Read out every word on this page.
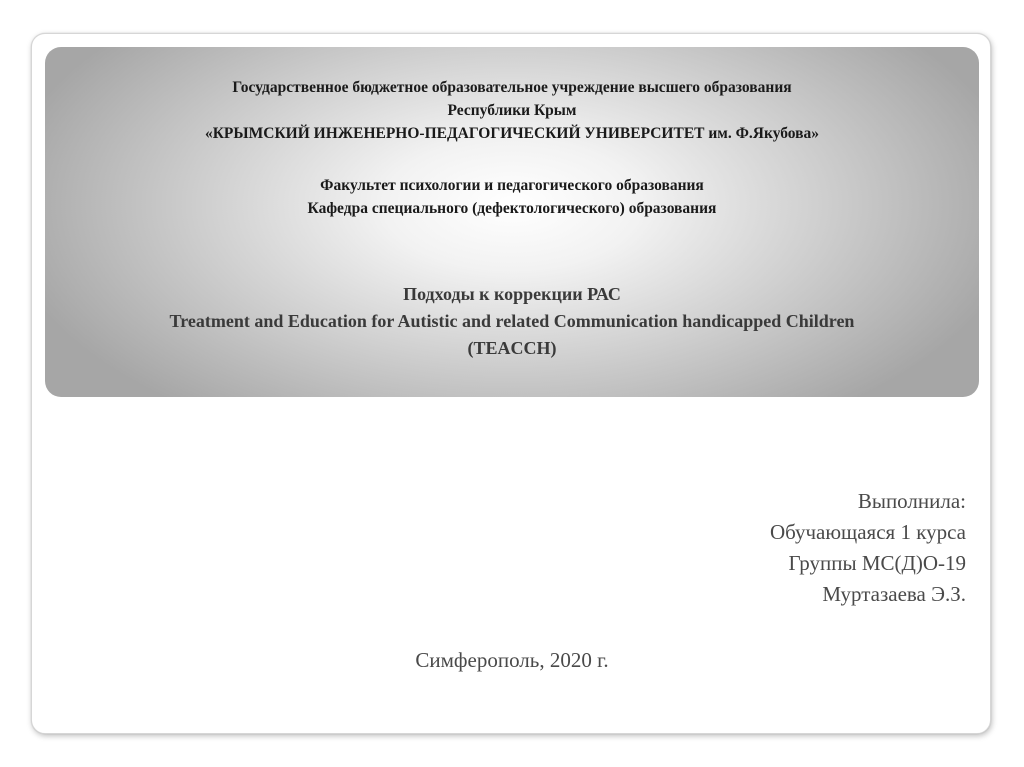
Государственное бюджетное образовательное учреждение высшего образования
Республики Крым
«КРЫМСКИЙ ИНЖЕНЕРНО-ПЕДАГОГИЧЕСКИЙ УНИВЕРСИТЕТ им. Ф.Якубова»
Факультет психологии и педагогического образования
Кафедра специального (дефектологического) образования
Подходы к коррекции РАС
Treatment and Education for Autistic and related Communication handicapped Children
(TEACCH)
Выполнила:
Обучающаяся 1 курса
Группы МС(Д)О-19
Муртазаева Э.З.
Симферополь, 2020 г.
